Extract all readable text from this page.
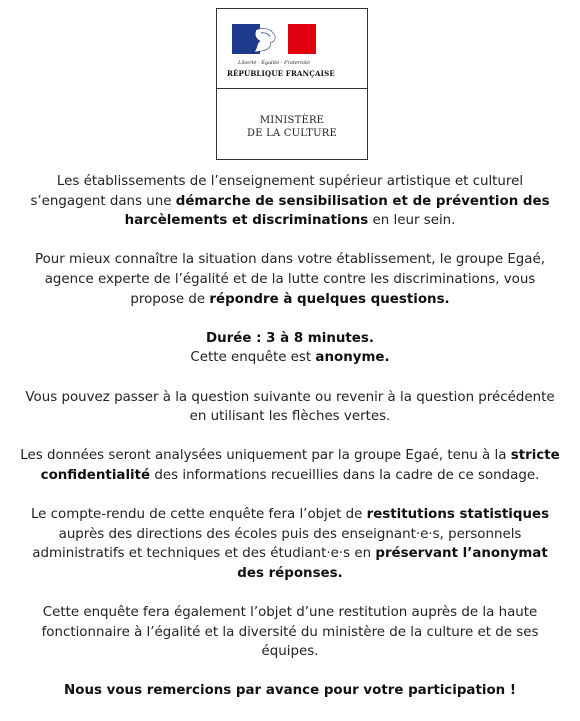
Liberté · Égalité · Fraternité
RÉPUBLIQUE FRANÇAISE
MINISTÈRE
DE LA CULTURE

Les établissements de l’enseignement supérieur artistique et culturel s’engagent dans une démarche de sensibilisation et de prévention des harcèlements et discriminations en leur sein.

Pour mieux connaître la situation dans votre établissement, le groupe Egaé, agence experte de l’égalité et de la lutte contre les discriminations, vous propose de répondre à quelques questions.

Durée : 3 à 8 minutes.
Cette enquête est anonyme.

Vous pouvez passer à la question suivante ou revenir à la question précédente en utilisant les flèches vertes.

Les données seront analysées uniquement par la groupe Egaé, tenu à la stricte confidentialité des informations recueillies dans la cadre de ce sondage.

Le compte-rendu de cette enquête fera l’objet de restitutions statistiques auprès des directions des écoles puis des enseignant·e·s, personnels administratifs et techniques et des étudiant·e·s en préservant l’anonymat des réponses.

Cette enquête fera également l’objet d’une restitution auprès de la haute fonctionnaire à l’égalité et la diversité du ministère de la culture et de ses équipes.

Nous vous remercions par avance pour votre participation !
